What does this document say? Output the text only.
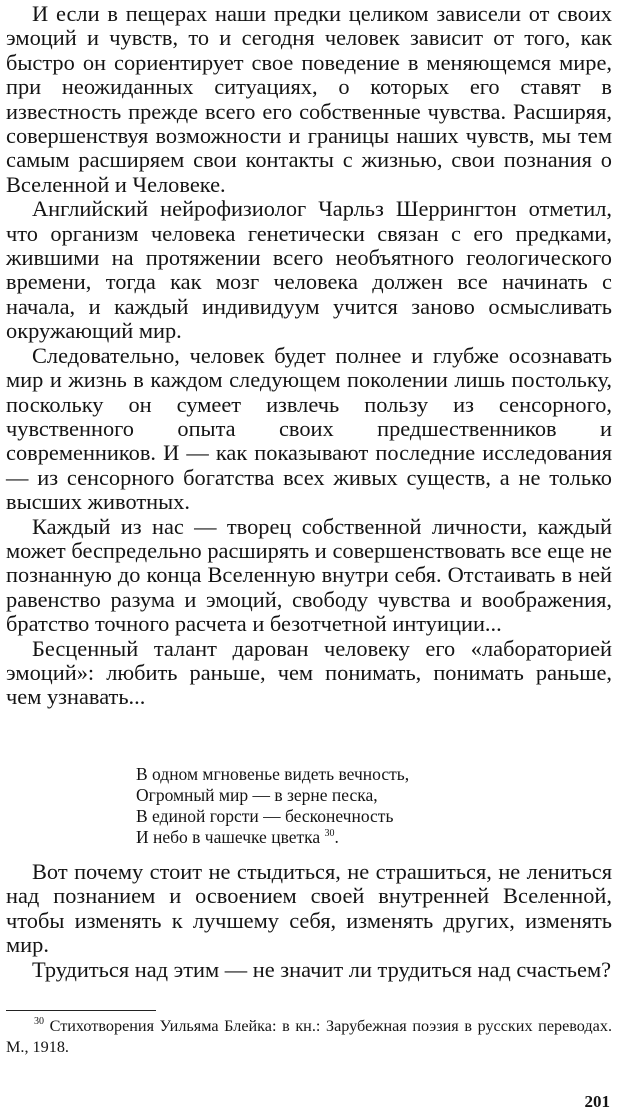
И если в пещерах наши предки целиком зависели от своих эмоций и чувств, то и сегодня человек зависит от того, как быстро он сориентирует свое поведение в меняющемся мире, при неожиданных ситуациях, о которых его ставят в известность прежде всего его собственные чувства. Расширяя, совершенствуя возможности и границы наших чувств, мы тем самым расширяем свои контакты с жизнью, свои познания о Вселенной и Человеке.

Английский нейрофизиолог Чарльз Шеррингтон отметил, что организм человека генетически связан с его предками, жившими на протяжении всего необъятного геологического времени, тогда как мозг человека должен все начинать с начала, и каждый индивидуум учится заново осмысливать окружающий мир.

Следовательно, человек будет полнее и глубже осознавать мир и жизнь в каждом следующем поколении лишь постольку, поскольку он сумеет извлечь пользу из сенсорного, чувственного опыта своих предшественников и современников. И — как показывают последние исследования — из сенсорного богатства всех живых существ, а не только высших животных.

Каждый из нас — творец собственной личности, каждый может беспредельно расширять и совершенствовать все еще не познанную до конца Вселенную внутри себя. Отстаивать в ней равенство разума и эмоций, свободу чувства и воображения, братство точного расчета и безотчетной интуиции...

Бесценный талант дарован человеку его «лабораторией эмоций»: любить раньше, чем понимать, понимать раньше, чем узнавать...

В одном мгновенье видеть вечность,
Огромный мир — в зерне песка,
В единой горсти — бесконечность
И небо в чашечке цветка $^{30}$.

Вот почему стоит не стыдиться, не страшиться, не лениться над познанием и освоением своей внутренней Вселенной, чтобы изменять к лучшему себя, изменять других, изменять мир.

Трудиться над этим — не значит ли трудиться над счастьем?

$^{30}$ Стихотворения Уильяма Блейка: в кн.: Зарубежная поэзия в русских переводах. М., 1918.

201
